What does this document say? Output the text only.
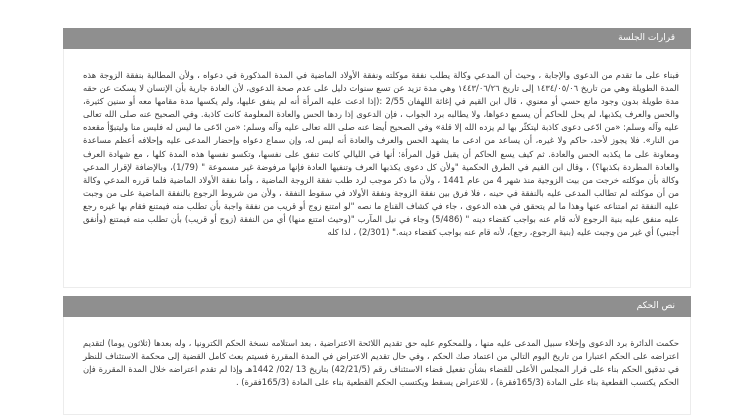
قرارات الجلسة

فبناء على ما تقدم من الدعوى والإجابة ، وحيث أن المدعي وكالة يطلب نفقة موكلته ونفقة الأولاد الماضية في المدة المذكورة في دعواه ، ولأن المطالبة بنفقة الزوجة هذه المدة الطويلة وهي من تاريخ ١٤٣٤/٠٥/٠٦ إلى تاريخ ١٤٤٣/٠٦/٢٦ وهي مدة تزيد عن تسع سنوات دليل على عدم صحة الدعوى، لأن العادة جارية بأن الإنسان لا يسكت عن حقه مدة طويلة بدون وجود مانع حسي أو معنوي ، قال ابن القيم في إغاثة اللهفان 2/55 :(إذا ادعت عليه المرأة أنه لم ينفق عليها، ولم يكسها مدة مقامها معه أو سنين كثيرة، والحس والعرف يكذبها، لم يحل للحاكم أن يسمع دعواها، ولا يطالبه برد الجواب ، فإن الدعوى إذا ردها الحس والعادة المعلومة كانت كاذبة. وفي الصحيح عنه صلى الله تعالى عليه وآله وسلم: «من ادّعى دعوى كاذبة ليتكثّر بها لم يزده الله إلا قلة» وفي الصحيح أيضا عنه صلى الله تعالى عليه وآله وسلم: «من ادّعى ما ليس له فليس منا وليتبوّأ مقعده من النار». فلا يجوز لأحد، حاكم ولا غيره، أن يساعد من ادعى ما يشهد الحس والعرف والعادة أنه ليس له، وإن سماع دعواه وإحضار المدعى عليه وإحلافه أعظم مساعدة ومعاونة على ما يكذبه الحس والعادة. ثم كيف يسع الحاكم أن يقبل قول المرأة: أنها في الليالي كانت تنفق على نفسها، وتكسو نفسها هذه المدة كلها ، مع شهادة العرف والعادة المطردة بكذبها؟) ، وقال ابن القيم في الطرق الحكمية "ولأن كل دعوى يكذبها العرف وتنفيها العادة فإنها مرفوضة غير مسموعة " (1/79)، وبالإضافة لإقرار المدعي وكالة بأن موكلته خرجت من بيت الزوجية منذ شهر 4 من عام 1441 ، ولأن ما ذكر موجب لرد طلب نفقة الزوجة الماضية ، وأما نفقة الأولاد الماضية فلما قرره المدعي وكالة من أن موكلته لم تطالب المدعى عليه بالنفقة في حينه ، فلا فرق بين نفقة الزوجة ونفقة الأولاد في سقوط النفقة ، ولأن من شروط الرجوع بالنفقة الماضية على من وجبت عليه النفقة ثم امتناعه عنها وهذا ما لم يتحقق في هذه الدعوى ، جاء في كشاف القناع ما نصه "لو امتنع زوج أو قريب من نفقة واجبة بأن تطلب منه فيمتنع فقام بها غيره رجع عليه منفق عليه بنية الرجوع لأنه قام عنه بواجب كقضاء دينه " (5/486) وجاء في نيل المآرب "(وحيث امتنع منها) أي من النفقة (زوج أو قريب) بأن تطلب منه فيمتنع (وأنفق أجنبي) أي غير من وجبت عليه (بنية الرجوع، رجع)، لأنه قام عنه بواجب كقضاء دينه." (2/301) ، لذا كله

نص الحكم

حكمت الدائرة برد الدعوى وإخلاء سبيل المدعى عليه منها ، وللمحكوم عليه حق تقديم اللائحة الاعتراضية ، بعد استلامه نسخة الحكم الكترونيا ، وله بعدها (ثلاثون يوما) لتقديم اعتراضه على الحكم اعتبارا من تاريخ اليوم التالي من اعتماد صك الحكم ، وفي حال تقديم الاعتراض في المدة المقررة فسيتم بعث كامل القضية إلى محكمة الاستئناف للنظر في تدقيق الحكم بناء على قرار المجلس الأعلى للقضاء بشأن تفعيل قضاء الاستئناف رقم (42/21/5) بتاريخ 13 /02/ 1442هـ وإذا لم تقدم اعتراضه خلال المدة المقررة فإن الحكم يكتسب القطعية بناء على المادة (165/3فقرة) ، للاعتراض يسقط ويكتسب الحكم القطعية بناء على المادة (165/3فقرة) .
